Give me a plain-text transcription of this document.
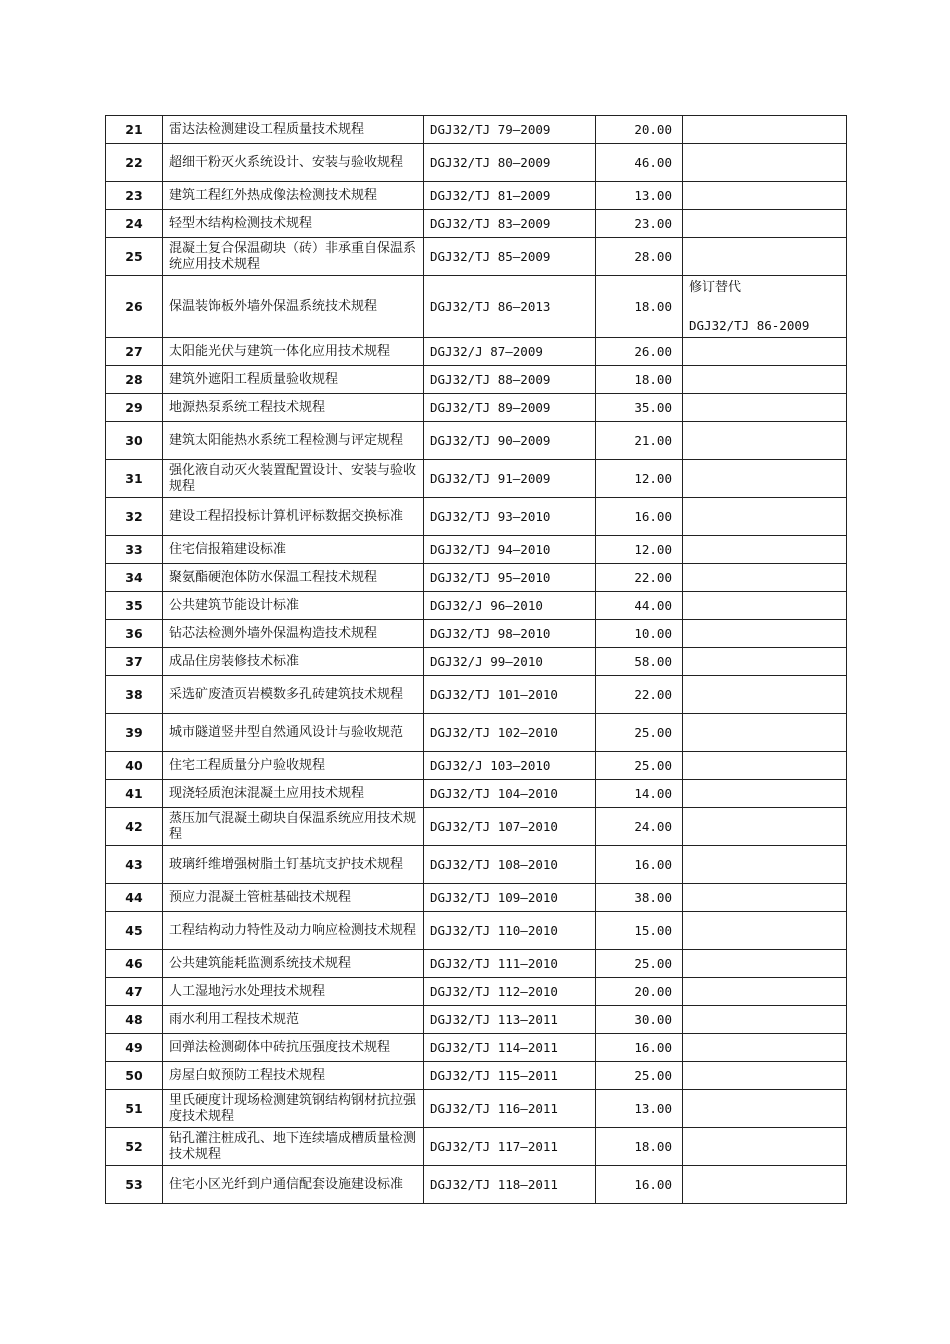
21	雷达法检测建设工程质量技术规程	DGJ32/TJ 79—2009	20.00	
22	超细干粉灭火系统设计、安装与验收规程	DGJ32/TJ 80—2009	46.00	
23	建筑工程红外热成像法检测技术规程	DGJ32/TJ 81—2009	13.00	
24	轻型木结构检测技术规程	DGJ32/TJ 83—2009	23.00	
25	混凝土复合保温砌块（砖）非承重自保温系统应用技术规程	DGJ32/TJ 85—2009	28.00	
26	保温装饰板外墙外保温系统技术规程	DGJ32/TJ 86—2013	18.00	修订替代
DGJ32/TJ 86-2009

27	太阳能光伏与建筑一体化应用技术规程	DGJ32/J 87—2009	26.00	
28	建筑外遮阳工程质量验收规程	DGJ32/TJ 88—2009	18.00	
29	地源热泵系统工程技术规程	DGJ32/TJ 89—2009	35.00	
30	建筑太阳能热水系统工程检测与评定规程	DGJ32/TJ 90—2009	21.00	
31	强化液自动灭火装置配置设计、安装与验收规程	DGJ32/TJ 91—2009	12.00	
32	建设工程招投标计算机评标数据交换标准	DGJ32/TJ 93—2010	16.00	
33	住宅信报箱建设标准	DGJ32/TJ 94—2010	12.00	
34	聚氨酯硬泡体防水保温工程技术规程	DGJ32/TJ 95—2010	22.00	
35	公共建筑节能设计标准	DGJ32/J 96—2010	44.00	
36	钻芯法检测外墙外保温构造技术规程	DGJ32/TJ 98—2010	10.00	
37	成品住房装修技术标准	DGJ32/J 99—2010	58.00	
38	采选矿废渣页岩模数多孔砖建筑技术规程	DGJ32/TJ 101—2010	22.00	
39	城市隧道竖井型自然通风设计与验收规范	DGJ32/TJ 102—2010	25.00	
40	住宅工程质量分户验收规程	DGJ32/J 103—2010	25.00	
41	现浇轻质泡沫混凝土应用技术规程	DGJ32/TJ 104—2010	14.00	
42	蒸压加气混凝土砌块自保温系统应用技术规程	DGJ32/TJ 107—2010	24.00	
43	玻璃纤维增强树脂土钉基坑支护技术规程	DGJ32/TJ 108—2010	16.00	
44	预应力混凝土管桩基础技术规程	DGJ32/TJ 109—2010	38.00	
45	工程结构动力特性及动力响应检测技术规程	DGJ32/TJ 110—2010	15.00	
46	公共建筑能耗监测系统技术规程	DGJ32/TJ 111—2010	25.00	
47	人工湿地污水处理技术规程	DGJ32/TJ 112—2010	20.00	
48	雨水利用工程技术规范	DGJ32/TJ 113—2011	30.00	
49	回弹法检测砌体中砖抗压强度技术规程	DGJ32/TJ 114—2011	16.00	
50	房屋白蚁预防工程技术规程	DGJ32/TJ 115—2011	25.00	
51	里氏硬度计现场检测建筑钢结构钢材抗拉强度技术规程	DGJ32/TJ 116—2011	13.00	
52	钻孔灌注桩成孔、地下连续墙成槽质量检测技术规程	DGJ32/TJ 117—2011	18.00	
53	住宅小区光纤到户通信配套设施建设标准	DGJ32/TJ 118—2011	16.00	
